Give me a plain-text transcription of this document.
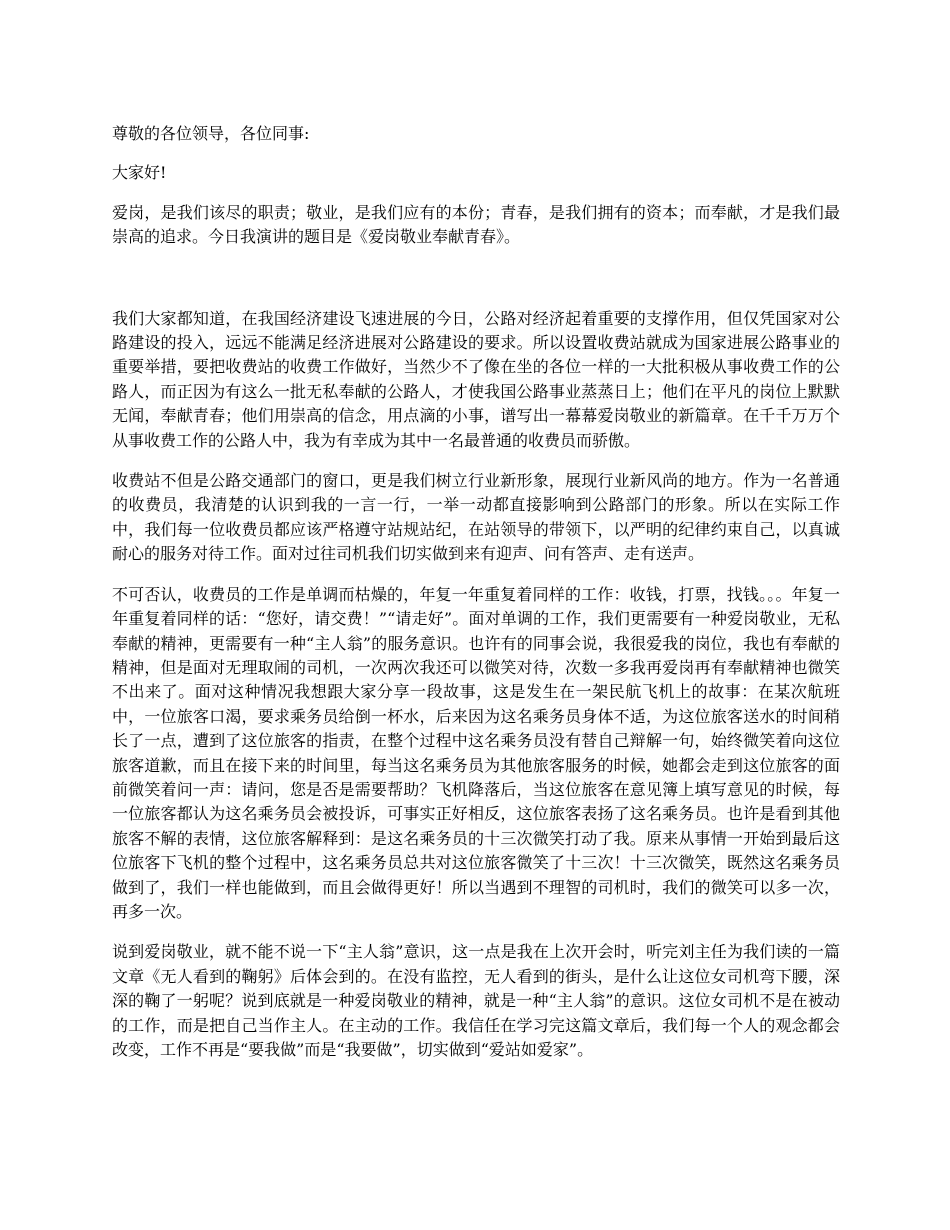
尊敬的各位领导，各位同事:

大家好!

爱岗，是我们该尽的职责；敬业，是我们应有的本份；青春，是我们拥有的资本；而奉献，才是我们最崇高的追求。今日我演讲的题目是《爱岗敬业奉献青春》。

我们大家都知道，在我国经济建设飞速进展的今日，公路对经济起着重要的支撑作用，但仅凭国家对公路建设的投入，远远不能满足经济进展对公路建设的要求。所以设置收费站就成为国家进展公路事业的重要举措，要把收费站的收费工作做好，当然少不了像在坐的各位一样的一大批积极从事收费工作的公路人，而正因为有这么一批无私奉献的公路人，才使我国公路事业蒸蒸日上；他们在平凡的岗位上默默无闻，奉献青春；他们用崇高的信念，用点滴的小事，谱写出一幕幕爱岗敬业的新篇章。在千千万万个从事收费工作的公路人中，我为有幸成为其中一名最普通的收费员而骄傲。

收费站不但是公路交通部门的窗口，更是我们树立行业新形象，展现行业新风尚的地方。作为一名普通的收费员，我清楚的认识到我的一言一行，一举一动都直接影响到公路部门的形象。所以在实际工作中，我们每一位收费员都应该严格遵守站规站纪，在站领导的带领下，以严明的纪律约束自己，以真诚耐心的服务对待工作。面对过往司机我们切实做到来有迎声、问有答声、走有送声。

不可否认，收费员的工作是单调而枯燥的，年复一年重复着同样的工作：收钱，打票，找钱。。。年复一年重复着同样的话：“您好，请交费！”“请走好”。面对单调的工作，我们更需要有一种爱岗敬业，无私奉献的精神，更需要有一种“主人翁”的服务意识。也许有的同事会说，我很爱我的岗位，我也有奉献的精神，但是面对无理取闹的司机，一次两次我还可以微笑对待，次数一多我再爱岗再有奉献精神也微笑不出来了。面对这种情况我想跟大家分享一段故事，这是发生在一架民航飞机上的故事：在某次航班中，一位旅客口渴，要求乘务员给倒一杯水，后来因为这名乘务员身体不适，为这位旅客送水的时间稍长了一点，遭到了这位旅客的指责，在整个过程中这名乘务员没有替自己辩解一句，始终微笑着向这位旅客道歉，而且在接下来的时间里，每当这名乘务员为其他旅客服务的时候，她都会走到这位旅客的面前微笑着问一声：请问，您是否是需要帮助？飞机降落后，当这位旅客在意见簿上填写意见的时候，每一位旅客都认为这名乘务员会被投诉，可事实正好相反，这位旅客表扬了这名乘务员。也许是看到其他旅客不解的表情，这位旅客解释到：是这名乘务员的十三次微笑打动了我。原来从事情一开始到最后这位旅客下飞机的整个过程中，这名乘务员总共对这位旅客微笑了十三次！十三次微笑，既然这名乘务员做到了，我们一样也能做到，而且会做得更好！所以当遇到不理智的司机时，我们的微笑可以多一次，再多一次。

说到爱岗敬业，就不能不说一下“主人翁”意识，这一点是我在上次开会时，听完刘主任为我们读的一篇文章《无人看到的鞠躬》后体会到的。在没有监控，无人看到的街头，是什么让这位女司机弯下腰，深深的鞠了一躬呢？说到底就是一种爱岗敬业的精神，就是一种“主人翁”的意识。这位女司机不是在被动的工作，而是把自己当作主人。在主动的工作。我信任在学习完这篇文章后，我们每一个人的观念都会改变，工作不再是“要我做”而是“我要做”，切实做到“爱站如爱家”。
